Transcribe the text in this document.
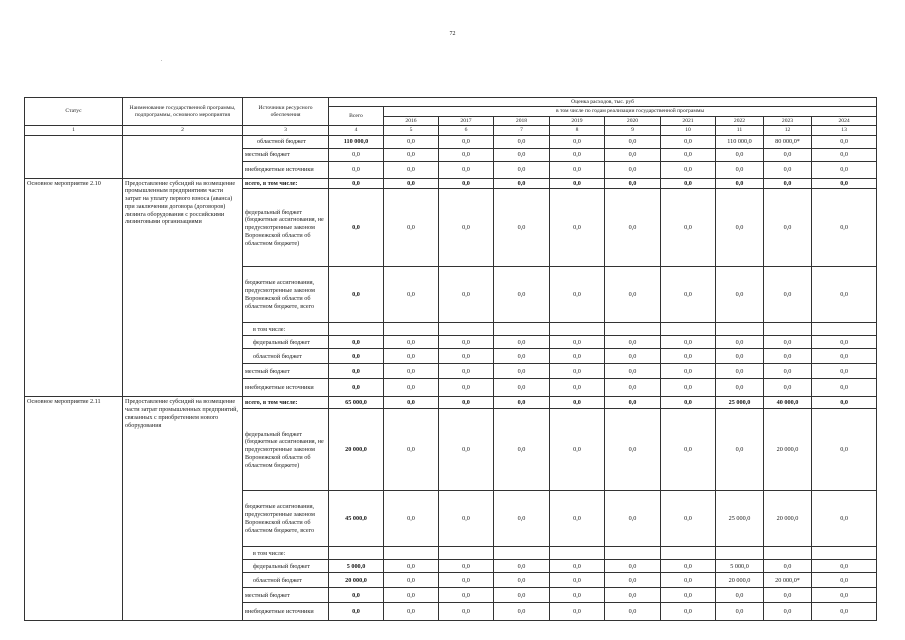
72
.
Статус	Наименование государственной программы, подпрограммы, основного мероприятия	Источники ресурсного обеспечения	Оценка расходов, тыс. руб									
			Всего	в том числе по годам реализации государственной программы								
				2016	2017	2018	2019	2020	2021	2022	2023	2024
1	2	3	4	5	6	7	8	9	10	11	12	13
		областной бюджет	110 000,0	0,0	0,0	0,0	0,0	0,0	0,0	110 000,0	80 000,0*	0,0
		местный бюджет	0,0	0,0	0,0	0,0	0,0	0,0	0,0	0,0	0,0	0,0
		внебюджетные источники	0,0	0,0	0,0	0,0	0,0	0,0	0,0	0,0	0,0	0,0
Основное мероприятие 2.10	Предоставление субсидий на возмещение промышленным предприятиям части затрат на уплату первого взноса (аванса) при заключении договора (договоров) лизинга оборудования с российскими лизинговыми организациями	всего, в том числе:	0,0	0,0	0,0	0,0	0,0	0,0	0,0	0,0	0,0	0,0
		федеральный бюджет (бюджетные ассигнования, не предусмотренные законом Воронежской области об областном бюджете)	0,0	0,0	0,0	0,0	0,0	0,0	0,0	0,0	0,0	0,0
		бюджетные ассигнования, предусмотренные законом Воронежской области об областном бюджете, всего	0,0	0,0	0,0	0,0	0,0	0,0	0,0	0,0	0,0	0,0
		в том числе:										
		федеральный бюджет	0,0	0,0	0,0	0,0	0,0	0,0	0,0	0,0	0,0	0,0
		областной бюджет	0,0	0,0	0,0	0,0	0,0	0,0	0,0	0,0	0,0	0,0
		местный бюджет	0,0	0,0	0,0	0,0	0,0	0,0	0,0	0,0	0,0	0,0
		внебюджетные источники	0,0	0,0	0,0	0,0	0,0	0,0	0,0	0,0	0,0	0,0
Основное мероприятие 2.11	Предоставление субсидий на возмещение части затрат промышленных предприятий, связанных с приобретением нового оборудования	всего, в том числе:	65 000,0	0,0	0,0	0,0	0,0	0,0	0,0	25 000,0	40 000,0	0,0
		федеральный бюджет (бюджетные ассигнования, не предусмотренные законом Воронежской области об областном бюджете)	20 000,0	0,0	0,0	0,0	0,0	0,0	0,0	0,0	20 000,0	0,0
		бюджетные ассигнования, предусмотренные законом Воронежской области об областном бюджете, всего	45 000,0	0,0	0,0	0,0	0,0	0,0	0,0	25 000,0	20 000,0	0,0
		в том числе:										
		федеральный бюджет	5 000,0	0,0	0,0	0,0	0,0	0,0	0,0	5 000,0	0,0	0,0
		областной бюджет	20 000,0	0,0	0,0	0,0	0,0	0,0	0,0	20 000,0	20 000,0*	0,0
		местный бюджет	0,0	0,0	0,0	0,0	0,0	0,0	0,0	0,0	0,0	0,0
		внебюджетные источники	0,0	0,0	0,0	0,0	0,0	0,0	0,0	0,0	0,0	0,0
